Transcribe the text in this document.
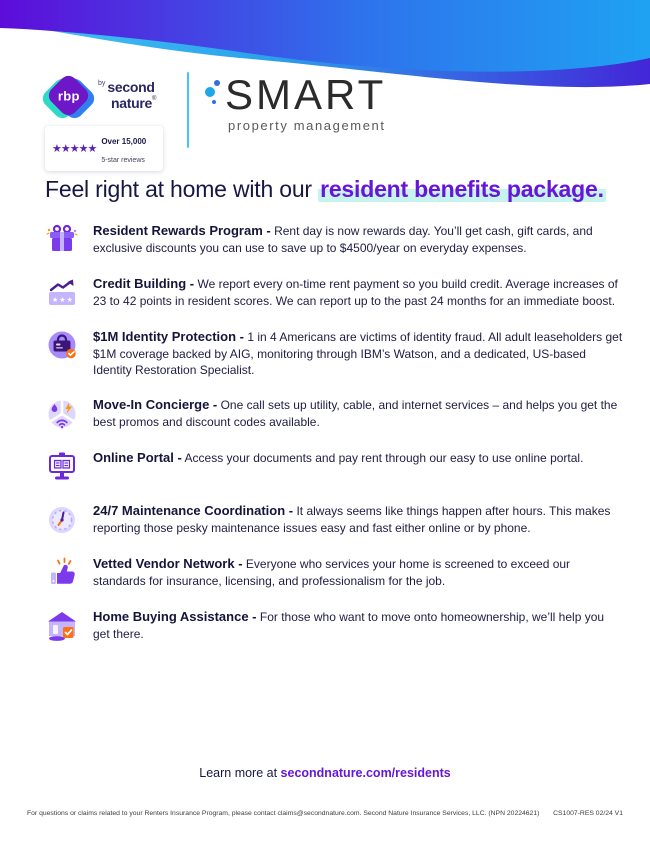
rbp
$^{by}$ second
nature®
★★★★★
Over 15,000
5-star reviews
SMART
property management
Feel right at home with our resident benefits package.

Resident Rewards Program - Rent day is now rewards day. You’ll get cash, gift cards, and exclusive discounts you can use to save up to $4500/year on everyday expenses.

★ ★ ★

Credit Building - We report every on-time rent payment so you build credit. Average increases of 23 to 42 points in resident scores. We can report up to the past 24 months for an immediate boost.

$1M Identity Protection - 1 in 4 Americans are victims of identity fraud. All adult leaseholders get $1M coverage backed by AIG, monitoring through IBM’s Watson, and a dedicated, US-based Identity Restoration Specialist.

Move-In Concierge - One call sets up utility, cable, and internet services – and helps you get the best promos and discount codes available.

Online Portal - Access your documents and pay rent through our easy to use online portal.

24/7 Maintenance Coordination - It always seems like things happen after hours. This makes reporting those pesky maintenance issues easy and fast either online or by phone.

Vetted Vendor Network - Everyone who services your home is screened to exceed our standards for insurance, licensing, and professionalism for the job.

Home Buying Assistance - For those who want to move onto homeownership, we’ll help you get there.

Learn more at secondnature.com/residents
For questions or claims related to your Renters Insurance Program, please contact claims@secondnature.com. Second Nature Insurance Services, LLC. (NPN 20224621) CS1007-RES 02/24 V1
